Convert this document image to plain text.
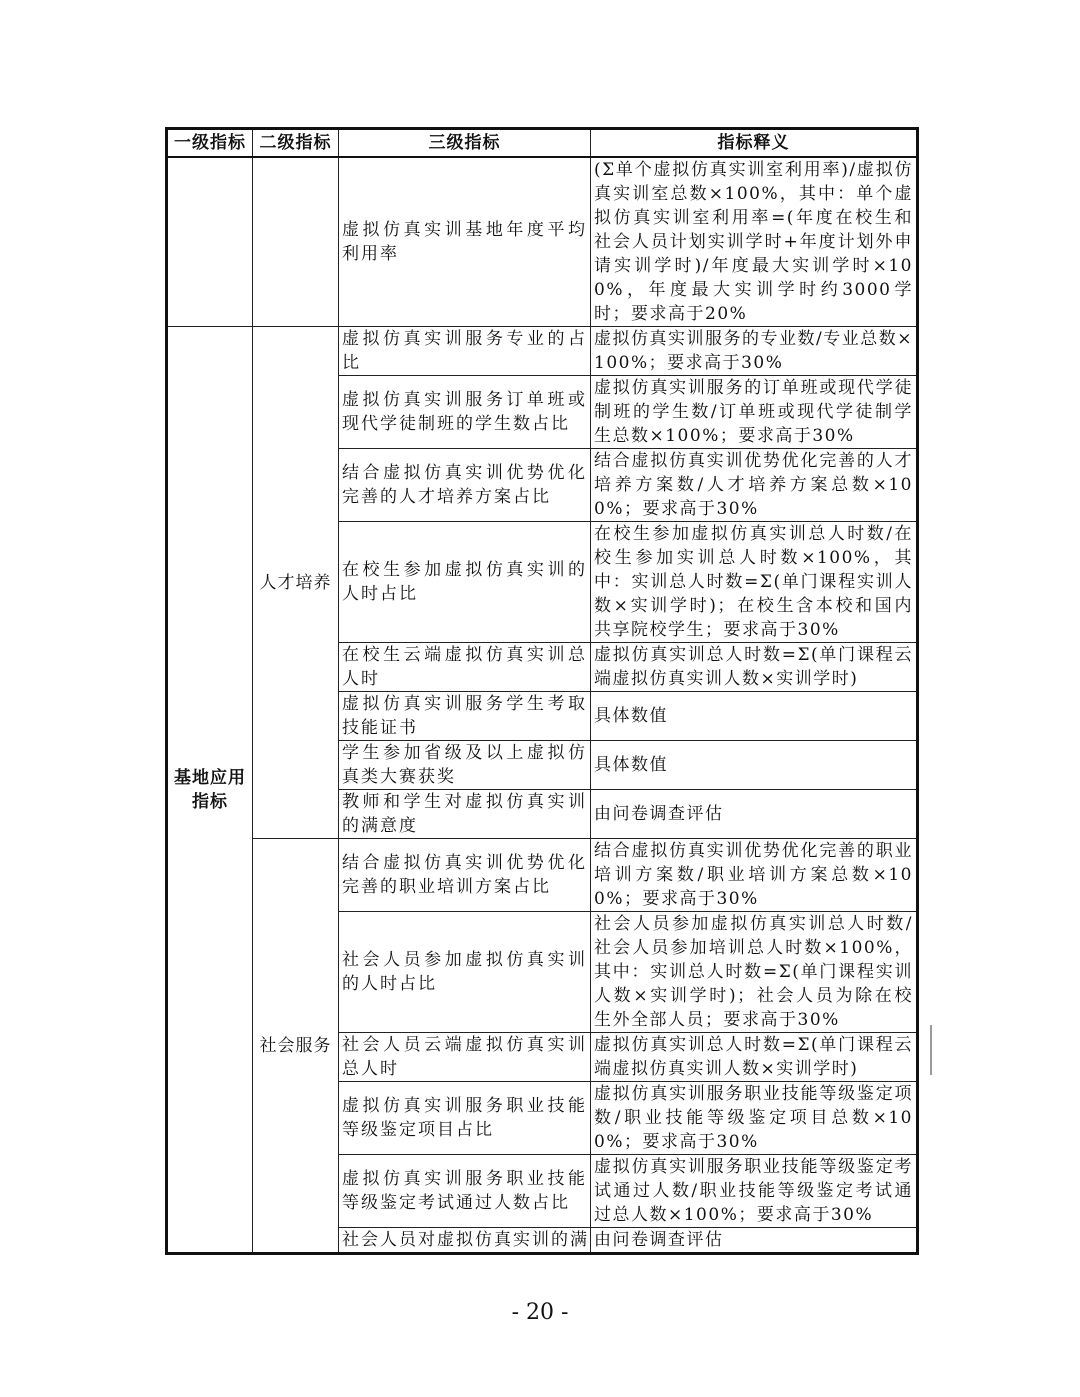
一级指标	二级指标	三级指标	指标释义
		虚拟仿真实训基地年度平均利用率	(Σ单个虚拟仿真实训室利用率)/虚拟仿真实训室总数×100%，其中：单个虚拟仿真实训室利用率=(年度在校生和社会人员计划实训学时+年度计划外申请实训学时)/年度最大实训学时×100%，年度最大实训学时约3000学时；要求高于20%
基地应用指标	人才培养	虚拟仿真实训服务专业的占比	虚拟仿真实训服务的专业数/专业总数×100%；要求高于30%
		虚拟仿真实训服务订单班或现代学徒制班的学生数占比	虚拟仿真实训服务的订单班或现代学徒制班的学生数/订单班或现代学徒制学生总数×100%；要求高于30%
		结合虚拟仿真实训优势优化完善的人才培养方案占比	结合虚拟仿真实训优势优化完善的人才培养方案数/人才培养方案总数×100%；要求高于30%
		在校生参加虚拟仿真实训的人时占比	在校生参加虚拟仿真实训总人时数/在校生参加实训总人时数×100%，其中：实训总人时数=Σ(单门课程实训人数×实训学时)；在校生含本校和国内共享院校学生；要求高于30%
		在校生云端虚拟仿真实训总人时	虚拟仿真实训总人时数=Σ(单门课程云端虚拟仿真实训人数×实训学时)
		虚拟仿真实训服务学生考取技能证书	具体数值
		学生参加省级及以上虚拟仿真类大赛获奖	具体数值
		教师和学生对虚拟仿真实训的满意度	由问卷调查评估
	社会服务	结合虚拟仿真实训优势优化完善的职业培训方案占比	结合虚拟仿真实训优势优化完善的职业培训方案数/职业培训方案总数×100%；要求高于30%
		社会人员参加虚拟仿真实训的人时占比	社会人员参加虚拟仿真实训总人时数/社会人员参加培训总人时数×100%，其中：实训总人时数=Σ(单门课程实训人数×实训学时)；社会人员为除在校生外全部人员；要求高于30%
		社会人员云端虚拟仿真实训总人时	虚拟仿真实训总人时数=Σ(单门课程云端虚拟仿真实训人数×实训学时)
		虚拟仿真实训服务职业技能等级鉴定项目占比	虚拟仿真实训服务职业技能等级鉴定项数/职业技能等级鉴定项目总数×100%；要求高于30%
		虚拟仿真实训服务职业技能等级鉴定考试通过人数占比	虚拟仿真实训服务职业技能等级鉴定考试通过人数/职业技能等级鉴定考试通过总人数×100%；要求高于30%
		社会人员对虚拟仿真实训的满	由问卷调查评估
- 20 -
